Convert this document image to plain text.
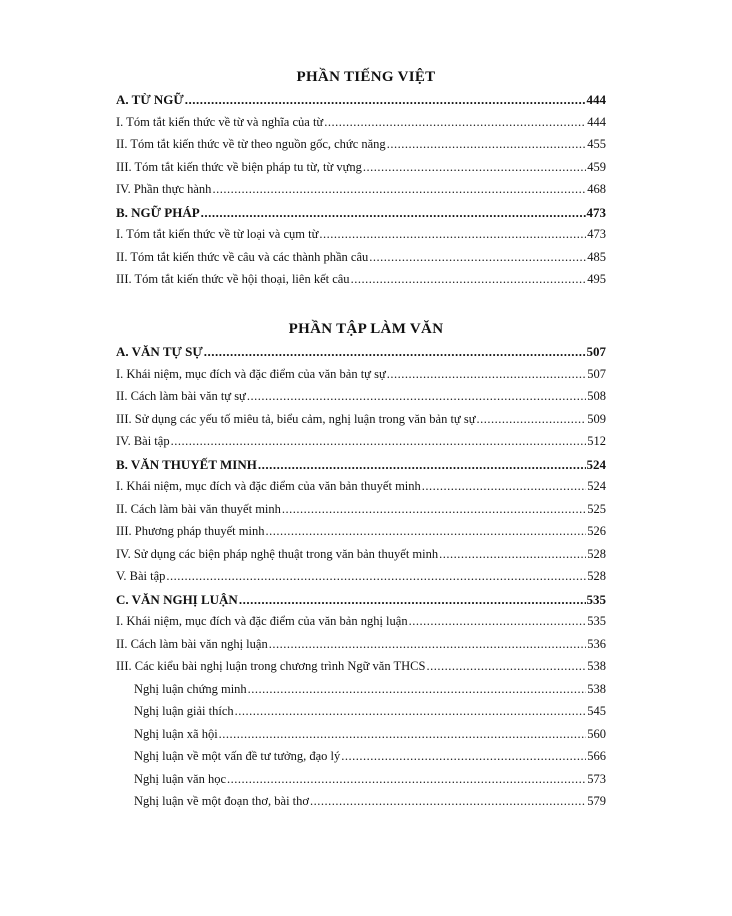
PHẦN TIẾNG VIỆT
A. TỪ NGỮ .....	444
I. Tóm tắt kiến thức về từ và nghĩa của từ .....	444
II. Tóm tắt kiến thức về từ theo nguồn gốc, chức năng .....	455
III. Tóm tắt kiến thức về biện pháp tu từ, từ vựng .....	459
IV. Phần thực hành .....	468
B. NGỮ PHÁP .....	473
I. Tóm tắt kiến thức về từ loại và cụm từ .....	473
II. Tóm tắt kiến thức về câu và các thành phần câu .....	485
III. Tóm tắt kiến thức về hội thoại, liên kết câu .....	495
PHẦN TẬP LÀM VĂN
A. VĂN TỰ SỰ .....	507
I. Khái niệm, mục đích và đặc điểm của văn bản tự sự .....	507
II. Cách làm bài văn tự sự .....	508
III. Sử dụng các yếu tố miêu tả, biểu cảm, nghị luận trong văn bản tự sự .....	509
IV. Bài tập .....	512
B. VĂN THUYẾT MINH .....	524
I. Khái niệm, mục đích và đặc điểm của văn bản thuyết minh .....	524
II. Cách làm bài văn thuyết minh .....	525
III. Phương pháp thuyết minh .....	526
IV. Sử dụng các biện pháp nghệ thuật trong văn bản thuyết minh .....	528
V. Bài tập .....	528
C. VĂN NGHỊ LUẬN .....	535
I. Khái niệm, mục đích và đặc điểm của văn bản nghị luận .....	535
II. Cách làm bài văn nghị luận .....	536
III. Các kiểu bài nghị luận trong chương trình Ngữ văn THCS .....	538
Nghị luận chứng minh .....	538
Nghị luận giải thích .....	545
Nghị luận xã hội .....	560
Nghị luận về một vấn đề tư tưởng, đạo lý .....	566
Nghị luận văn học .....	573
Nghị luận về một đoạn thơ, bài thơ .....	579
